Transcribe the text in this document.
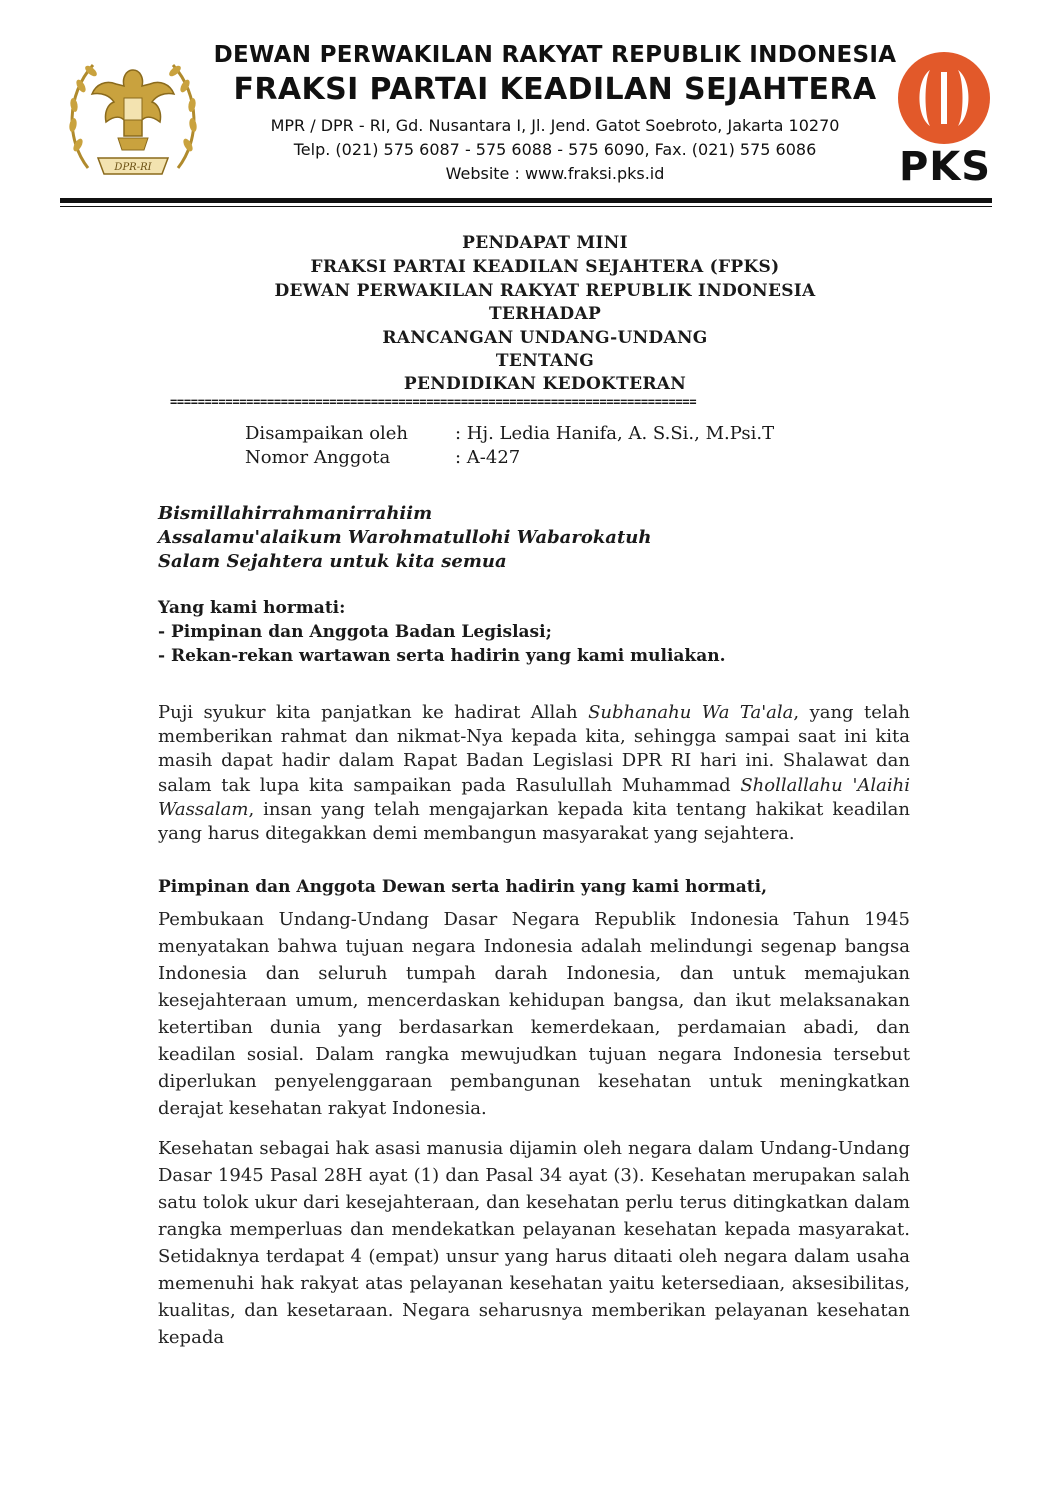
DPR-RI
DEWAN PERWAKILAN RAKYAT REPUBLIK INDONESIA
FRAKSI PARTAI KEADILAN SEJAHTERA
MPR / DPR - RI, Gd. Nusantara I, Jl. Jend. Gatot Soebroto, Jakarta 10270
Telp. (021) 575 6087 - 575 6088 - 575 6090, Fax. (021) 575 6086
Website : www.fraksi.pks.id	PKS
PENDAPAT MINI
FRAKSI PARTAI KEADILAN SEJAHTERA (FPKS)
DEWAN PERWAKILAN RAKYAT REPUBLIK INDONESIA
TERHADAP
RANCANGAN UNDANG-UNDANG
TENTANG
PENDIDIKAN KEDOKTERAN
============================================================================
Disampaikan oleh	: Hj. Ledia Hanifa, A. S.Si., M.Psi.T
Nomor Anggota	: A-427
Bismillahirrahmanirrahiim
Assalamu'alaikum Warohmatullohi Wabarokatuh
Salam Sejahtera untuk kita semua
Yang kami hormati:
- Pimpinan dan Anggota Badan Legislasi;
- Rekan-rekan wartawan serta hadirin yang kami muliakan.

Puji syukur kita panjatkan ke hadirat Allah Subhanahu Wa Ta'ala, yang telah memberikan rahmat dan nikmat-Nya kepada kita, sehingga sampai saat ini kita masih dapat hadir dalam Rapat Badan Legislasi DPR RI hari ini. Shalawat dan salam tak lupa kita sampaikan pada Rasulullah Muhammad Shollallahu 'Alaihi Wassalam, insan yang telah mengajarkan kepada kita tentang hakikat keadilan yang harus ditegakkan demi membangun masyarakat yang sejahtera.

Pimpinan dan Anggota Dewan serta hadirin yang kami hormati,

Pembukaan Undang-Undang Dasar Negara Republik Indonesia Tahun 1945 menyatakan bahwa tujuan negara Indonesia adalah melindungi segenap bangsa Indonesia dan seluruh tumpah darah Indonesia, dan untuk memajukan kesejahteraan umum, mencerdaskan kehidupan bangsa, dan ikut melaksanakan ketertiban dunia yang berdasarkan kemerdekaan, perdamaian abadi, dan keadilan sosial. Dalam rangka mewujudkan tujuan negara Indonesia tersebut diperlukan penyelenggaraan pembangunan kesehatan untuk meningkatkan derajat kesehatan rakyat Indonesia.

Kesehatan sebagai hak asasi manusia dijamin oleh negara dalam Undang-Undang Dasar 1945 Pasal 28H ayat (1) dan Pasal 34 ayat (3). Kesehatan merupakan salah satu tolok ukur dari kesejahteraan, dan kesehatan perlu terus ditingkatkan dalam rangka memperluas dan mendekatkan pelayanan kesehatan kepada masyarakat. Setidaknya terdapat 4 (empat) unsur yang harus ditaati oleh negara dalam usaha memenuhi hak rakyat atas pelayanan kesehatan yaitu ketersediaan, aksesibilitas, kualitas, dan kesetaraan. Negara seharusnya memberikan pelayanan kesehatan kepada
